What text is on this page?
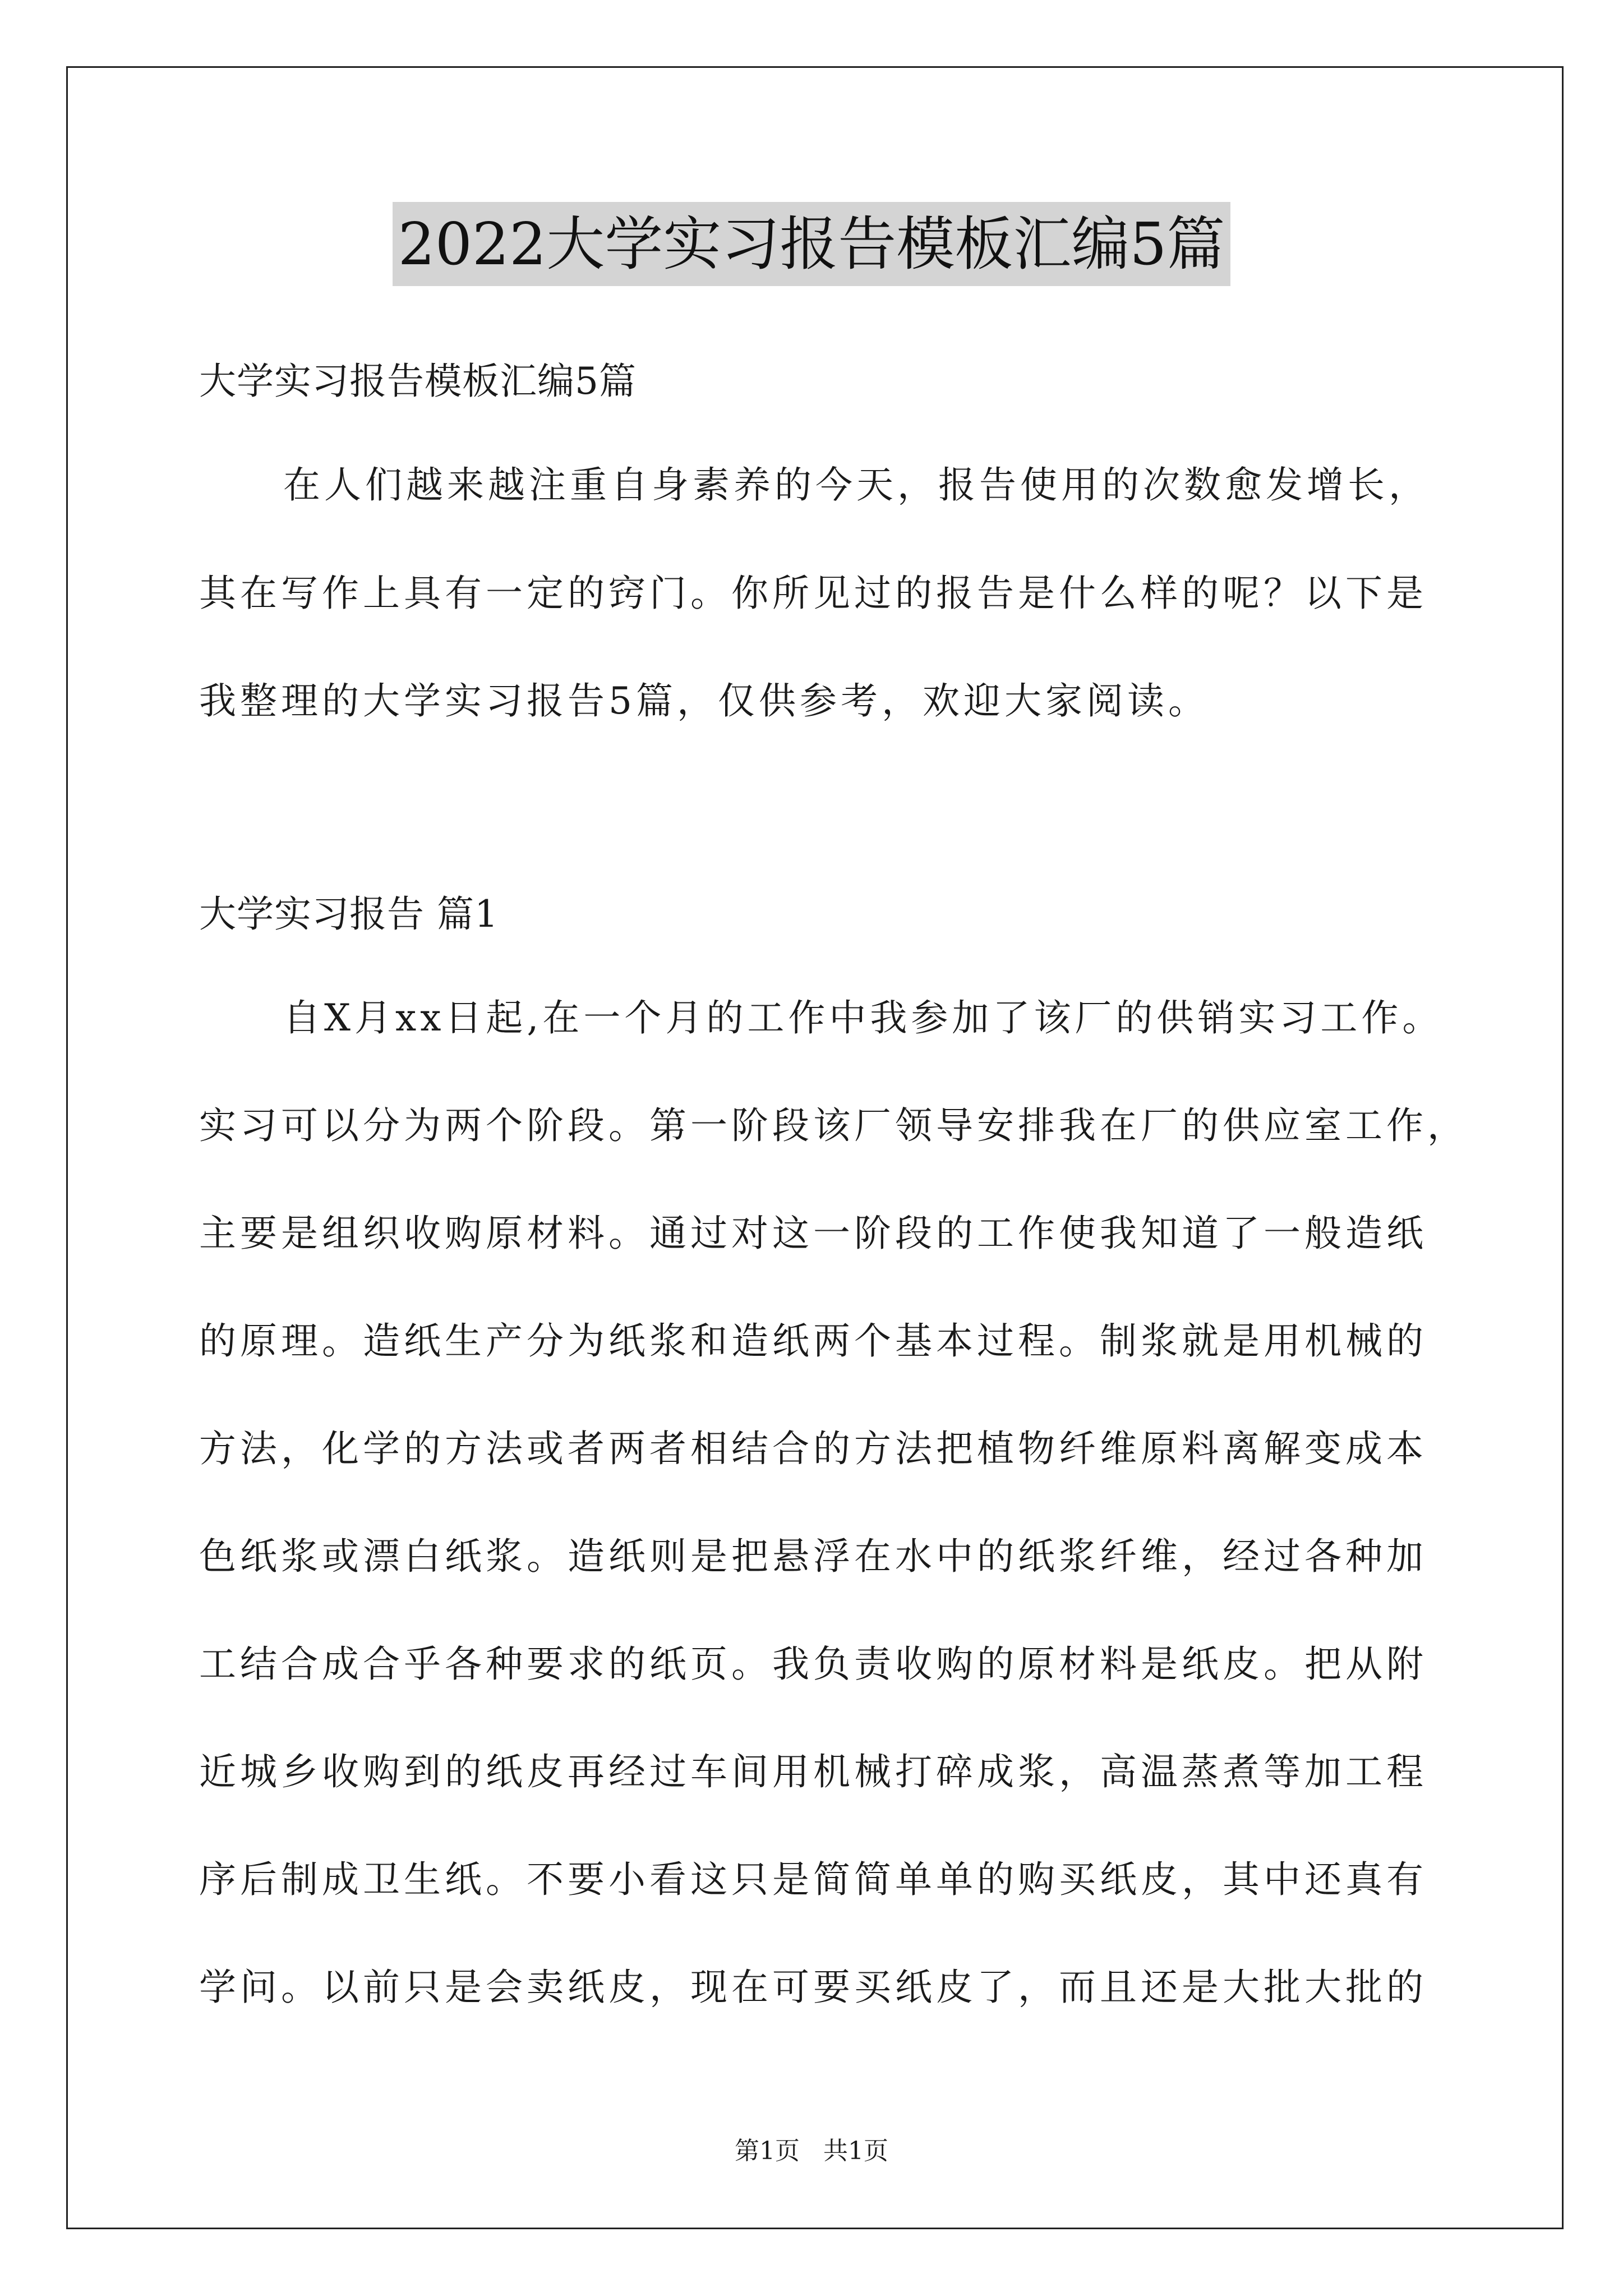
2022大学实习报告模板汇编5篇
大学实习报告模板汇编5篇
在人们越来越注重自身素养的今天，报告使用的次数愈发增长，
其在写作上具有一定的窍门。你所见过的报告是什么样的呢？以下是
我整理的大学实习报告5篇，仅供参考，欢迎大家阅读。
大学实习报告 篇1
自X月xx日起,在一个月的工作中我参加了该厂的供销实习工作。
实习可以分为两个阶段。第一阶段该厂领导安排我在厂的供应室工作，
主要是组织收购原材料。通过对这一阶段的工作使我知道了一般造纸
的原理。造纸生产分为纸浆和造纸两个基本过程。制浆就是用机械的
方法，化学的方法或者两者相结合的方法把植物纤维原料离解变成本
色纸浆或漂白纸浆。造纸则是把悬浮在水中的纸浆纤维，经过各种加
工结合成合乎各种要求的纸页。我负责收购的原材料是纸皮。把从附
近城乡收购到的纸皮再经过车间用机械打碎成浆，高温蒸煮等加工程
序后制成卫生纸。不要小看这只是简简单单的购买纸皮，其中还真有
学问。以前只是会卖纸皮，现在可要买纸皮了，而且还是大批大批的
第1页   共1页
